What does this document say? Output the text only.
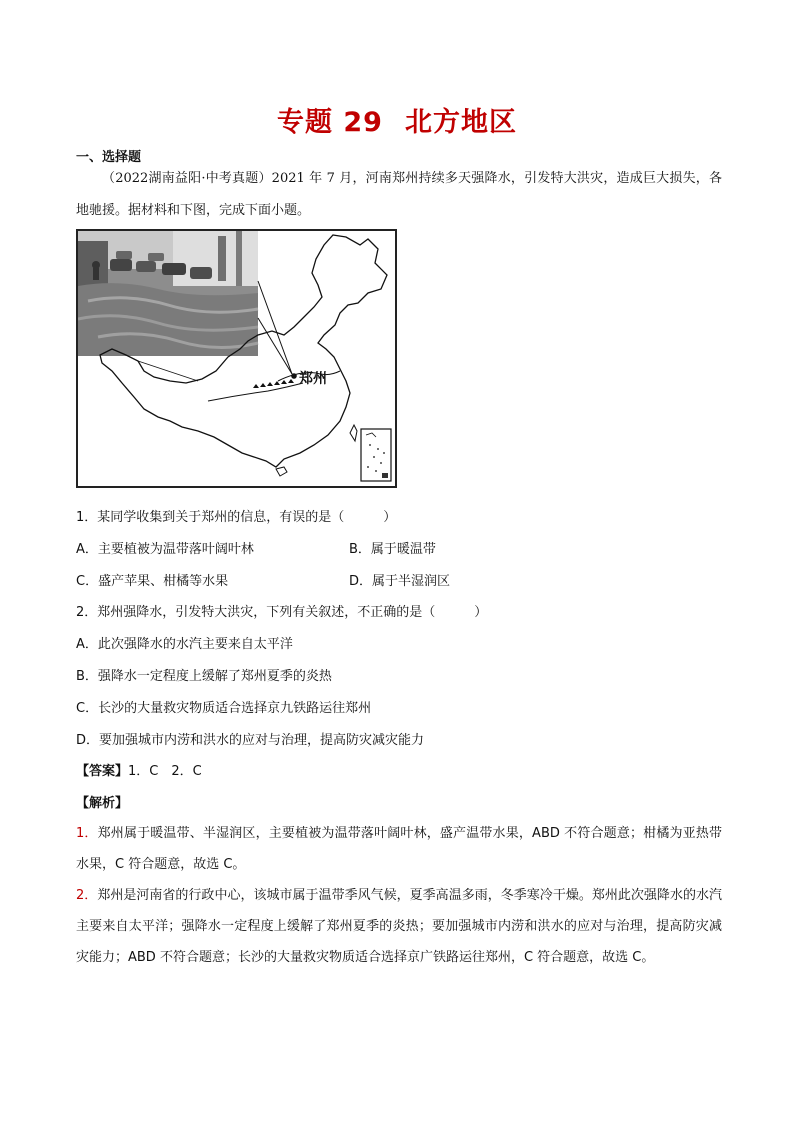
专题 29 北方地区
一、选择题
（2022湖南益阳·中考真题）2021 年 7 月，河南郑州持续多天强降水，引发特大洪灾，造成巨大损失，各地驰援。据材料和下图，完成下面小题。
郑州
1．某同学收集到关于郑州的信息，有误的是（　　　）
A．主要植被为温带落叶阔叶林	B．属于暖温带
C．盛产苹果、柑橘等水果	D．属于半湿润区
2．郑州强降水，引发特大洪灾，下列有关叙述，不正确的是（　　　）
A．此次强降水的水汽主要来自太平洋
B．强降水一定程度上缓解了郑州夏季的炎热
C．长沙的大量救灾物质适合选择京九铁路运往郑州
D．要加强城市内涝和洪水的应对与治理，提高防灾减灾能力
【答案】1．C　2．C
【解析】
1．郑州属于暖温带、半湿润区，主要植被为温带落叶阔叶林，盛产温带水果，ABD 不符合题意；柑橘为亚热带水果，C 符合题意，故选 C。
2．郑州是河南省的行政中心，该城市属于温带季风气候，夏季高温多雨，冬季寒冷干燥。郑州此次强降水的水汽主要来自太平洋；强降水一定程度上缓解了郑州夏季的炎热；要加强城市内涝和洪水的应对与治理，提高防灾减灾能力；ABD 不符合题意；长沙的大量救灾物质适合选择京广铁路运往郑州，C 符合题意，故选 C。
